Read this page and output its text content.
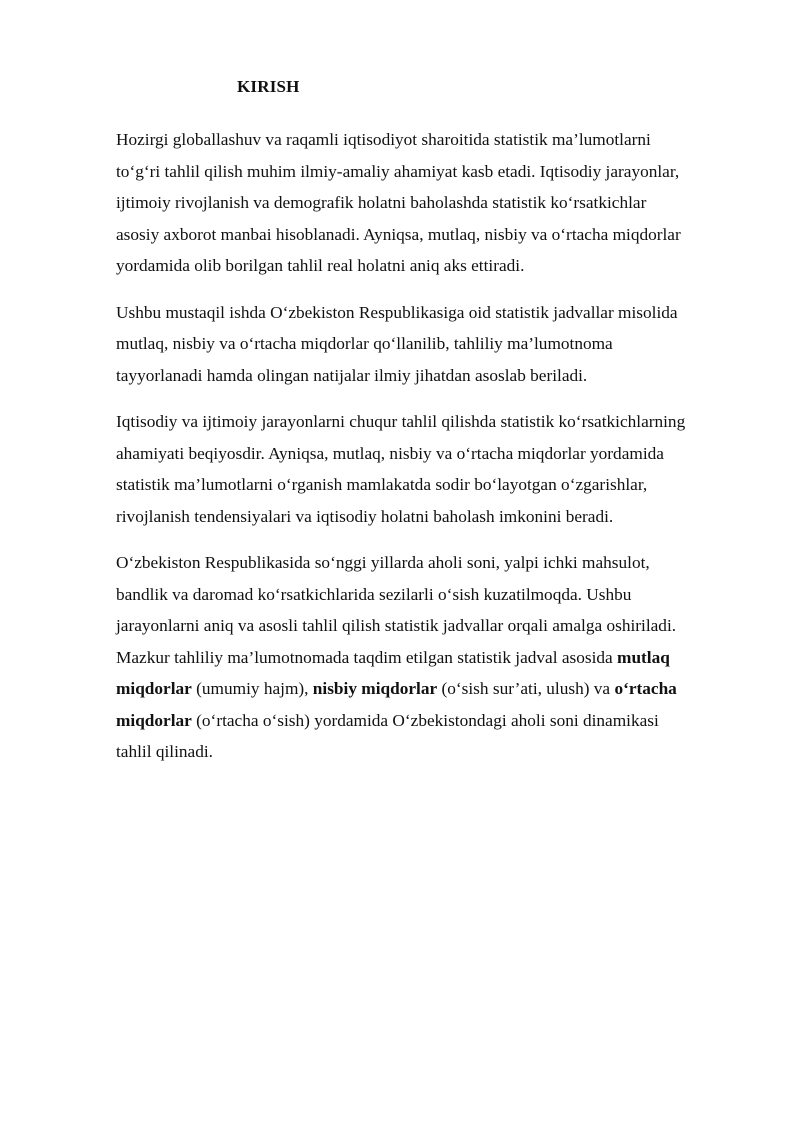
KIRISH

Hozirgi globallashuv va raqamli iqtisodiyot sharoitida statistik ma’lumotlarni
to‘g‘ri tahlil qilish muhim ilmiy-amaliy ahamiyat kasb etadi. Iqtisodiy jarayonlar,
ijtimoiy rivojlanish va demografik holatni baholashda statistik ko‘rsatkichlar
asosiy axborot manbai hisoblanadi. Ayniqsa, mutlaq, nisbiy va o‘rtacha miqdorlar
yordamida olib borilgan tahlil real holatni aniq aks ettiradi.

Ushbu mustaqil ishda O‘zbekiston Respublikasiga oid statistik jadvallar misolida
mutlaq, nisbiy va o‘rtacha miqdorlar qo‘llanilib, tahliliy ma’lumotnoma
tayyorlanadi hamda olingan natijalar ilmiy jihatdan asoslab beriladi.

Iqtisodiy va ijtimoiy jarayonlarni chuqur tahlil qilishda statistik ko‘rsatkichlarning
ahamiyati beqiyosdir. Ayniqsa, mutlaq, nisbiy va o‘rtacha miqdorlar yordamida
statistik ma’lumotlarni o‘rganish mamlakatda sodir bo‘layotgan o‘zgarishlar,
rivojlanish tendensiyalari va iqtisodiy holatni baholash imkonini beradi.

O‘zbekiston Respublikasida so‘nggi yillarda aholi soni, yalpi ichki mahsulot,
bandlik va daromad ko‘rsatkichlarida sezilarli o‘sish kuzatilmoqda. Ushbu
jarayonlarni aniq va asosli tahlil qilish statistik jadvallar orqali amalga oshiriladi.
Mazkur tahliliy ma’lumotnomada taqdim etilgan statistik jadval asosida mutlaq
miqdorlar (umumiy hajm), nisbiy miqdorlar (o‘sish sur’ati, ulush) va o‘rtacha
miqdorlar (o‘rtacha o‘sish) yordamida O‘zbekistondagi aholi soni dinamikasi
tahlil qilinadi.
